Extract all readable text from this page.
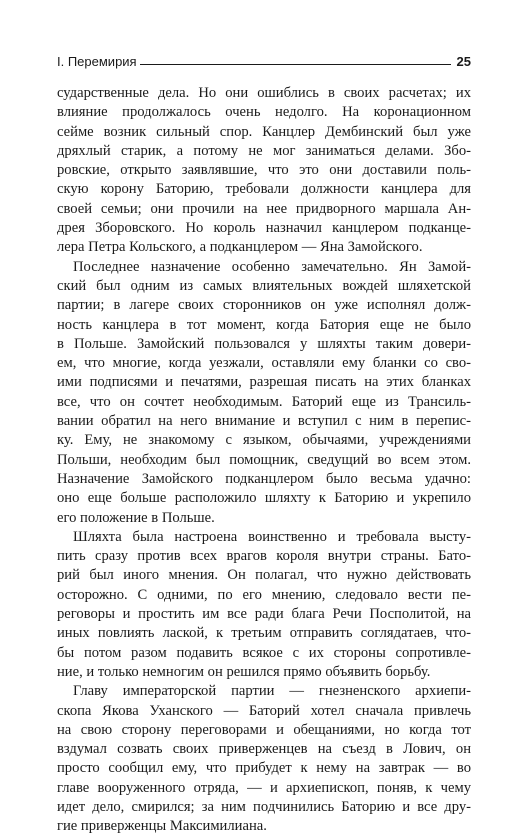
I. Перемирия	25
сударственные дела. Но они ошиблись в своих расчетах; их
влияние продолжалось очень недолго. На коронационном
сейме возник сильный спор. Канцлер Дембинский был уже
дряхлый старик, а потому не мог заниматься делами. Збо-
ровские, открыто заявлявшие, что это они доставили поль-
скую корону Баторию, требовали должности канцлера для
своей семьи; они прочили на нее придворного маршала Ан-
дрея Зборовского. Но король назначил канцлером подканце-
лера Петра Кольского, а подканцлером — Яна Замойского.
Последнее назначение особенно замечательно. Ян Замой-
ский был одним из самых влиятельных вождей шляхетской
партии; в лагере своих сторонников он уже исполнял долж-
ность канцлера в тот момент, когда Батория еще не было
в Польше. Замойский пользовался у шляхты таким довери-
ем, что многие, когда уезжали, оставляли ему бланки со сво-
ими подписями и печатями, разрешая писать на этих бланках
все, что он сочтет необходимым. Баторий еще из Трансиль-
вании обратил на него внимание и вступил с ним в перепис-
ку. Ему, не знакомому с языком, обычаями, учреждениями
Польши, необходим был помощник, сведущий во всем этом.
Назначение Замойского подканцлером было весьма удачно:
оно еще больше расположило шляхту к Баторию и укрепило
его положение в Польше.
Шляхта была настроена воинственно и требовала высту-
пить сразу против всех врагов короля внутри страны. Бато-
рий был иного мнения. Он полагал, что нужно действовать
осторожно. С одними, по его мнению, следовало вести пе-
реговоры и простить им все ради блага Речи Посполитой, на
иных повлиять лаской, к третьим отправить соглядатаев, что-
бы потом разом подавить всякое с их стороны сопротивле-
ние, и только немногим он решился прямо объявить борьбу.
Главу императорской партии — гнезненского архиепи-
скопа Якова Уханского — Баторий хотел сначала привлечь
на свою сторону переговорами и обещаниями, но когда тот
вздумал созвать своих приверженцев на съезд в Лович, он
просто сообщил ему, что прибудет к нему на завтрак — во
главе вооруженного отряда, — и архиепископ, поняв, к чему
идет дело, смирился; за ним подчинились Баторию и все дру-
гие приверженцы Максимилиана.
